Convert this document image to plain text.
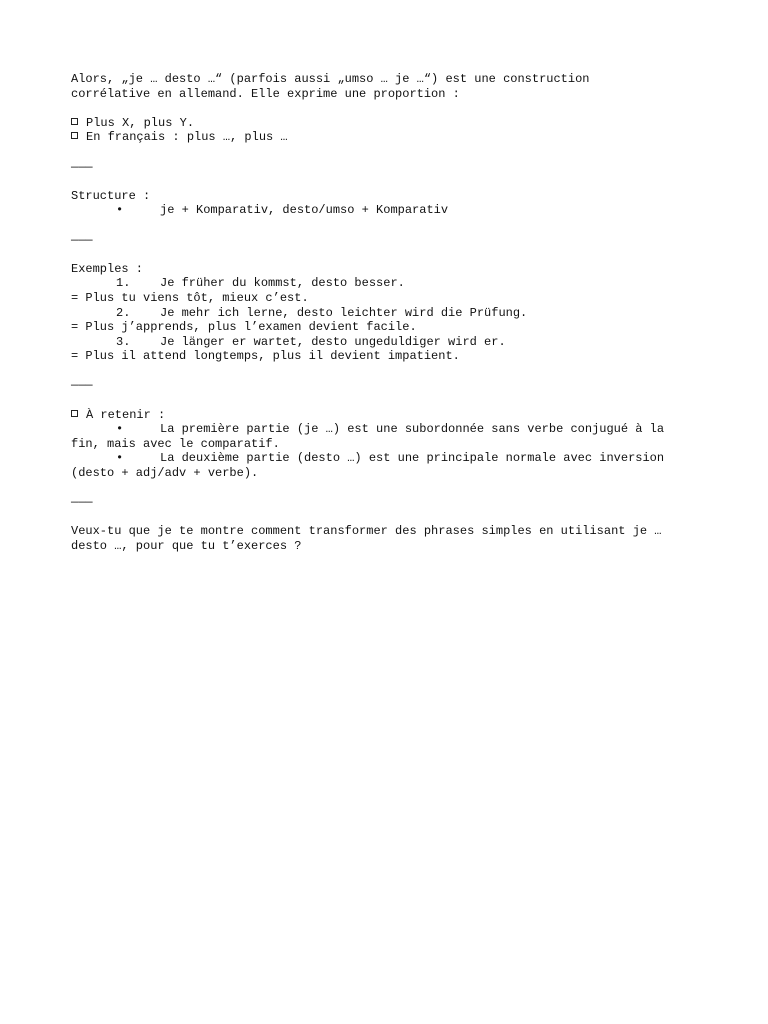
Alors, „je … desto …“ (parfois aussi „umso … je …“) est une construction
corrélative en allemand. Elle exprime une proportion :
Plus X, plus Y.
En français : plus …, plus …
———
Structure :
•	je + Komparativ, desto/umso + Komparativ
———
Exemples :
1. Je früher du kommst, desto besser.
= Plus tu viens tôt, mieux c’est.
2. Je mehr ich lerne, desto leichter wird die Prüfung.
= Plus j’apprends, plus l’examen devient facile.
3. Je länger er wartet, desto ungeduldiger wird er.
= Plus il attend longtemps, plus il devient impatient.
———
À retenir :
•	La première partie (je …) est une subordonnée sans verbe conjugué à la fin, mais avec le comparatif.
•	La deuxième partie (desto …) est une principale normale avec inversion (desto + adj/adv + verbe).
———
Veux-tu que je te montre comment transformer des phrases simples en utilisant je …
desto …, pour que tu t’exerces ?
